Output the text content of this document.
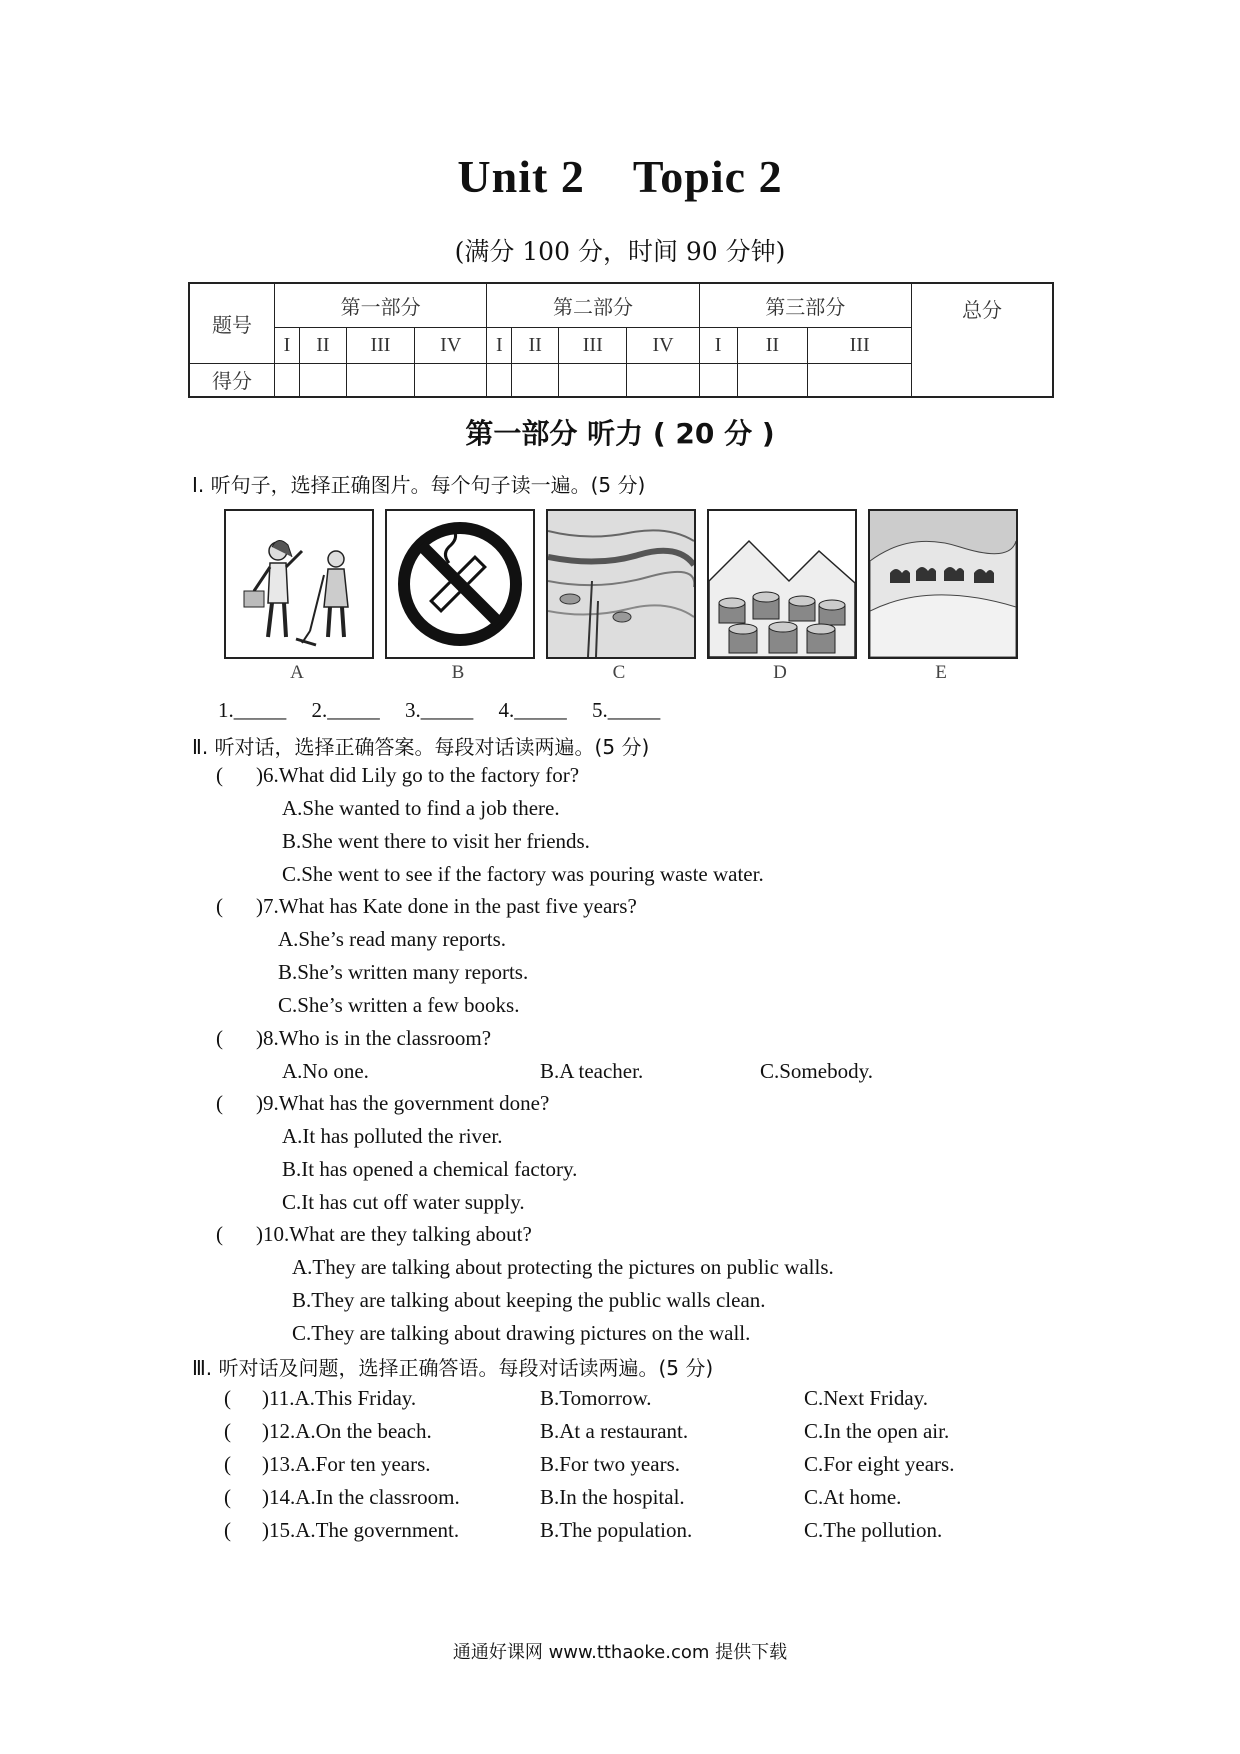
Unit 2 Topic 2
(满分 100 分，时间 90 分钟)
题号	第一部分				第二部分				第三部分			总分
	I	II	III	IV	I	II	III	IV	I	II	III	
得分												
第一部分 听力 ( 20 分 )
Ⅰ. 听句子，选择正确图片。每个句子读一遍。(5 分)
A	B	C	D	E
1._____ 2._____ 3._____ 4._____ 5._____
Ⅱ. 听对话，选择正确答案。每段对话读两遍。(5 分)
( )6.What did Lily go to the factory for?
A.She wanted to find a job there.
B.She went there to visit her friends.
C.She went to see if the factory was pouring waste water.
( )7.What has Kate done in the past five years?
A.She’s read many reports.
B.She’s written many reports.
C.She’s written a few books.
( )8.Who is in the classroom?
A.No one.	B.A teacher.	C.Somebody.
( )9.What has the government done?
A.It has polluted the river.
B.It has opened a chemical factory.
C.It has cut off water supply.
( )10.What are they talking about?
A.They are talking about protecting the pictures on public walls.
B.They are talking about keeping the public walls clean.
C.They are talking about drawing pictures on the wall.
Ⅲ. 听对话及问题，选择正确答语。每段对话读两遍。(5 分)
( )11.A.This Friday.	B.Tomorrow.	C.Next Friday.
( )12.A.On the beach.	B.At a restaurant.	C.In the open air.
( )13.A.For ten years.	B.For two years.	C.For eight years.
( )14.A.In the classroom.	B.In the hospital.	C.At home.
( )15.A.The government.	B.The population.	C.The pollution.
通通好课网 www.tthaoke.com 提供下载
